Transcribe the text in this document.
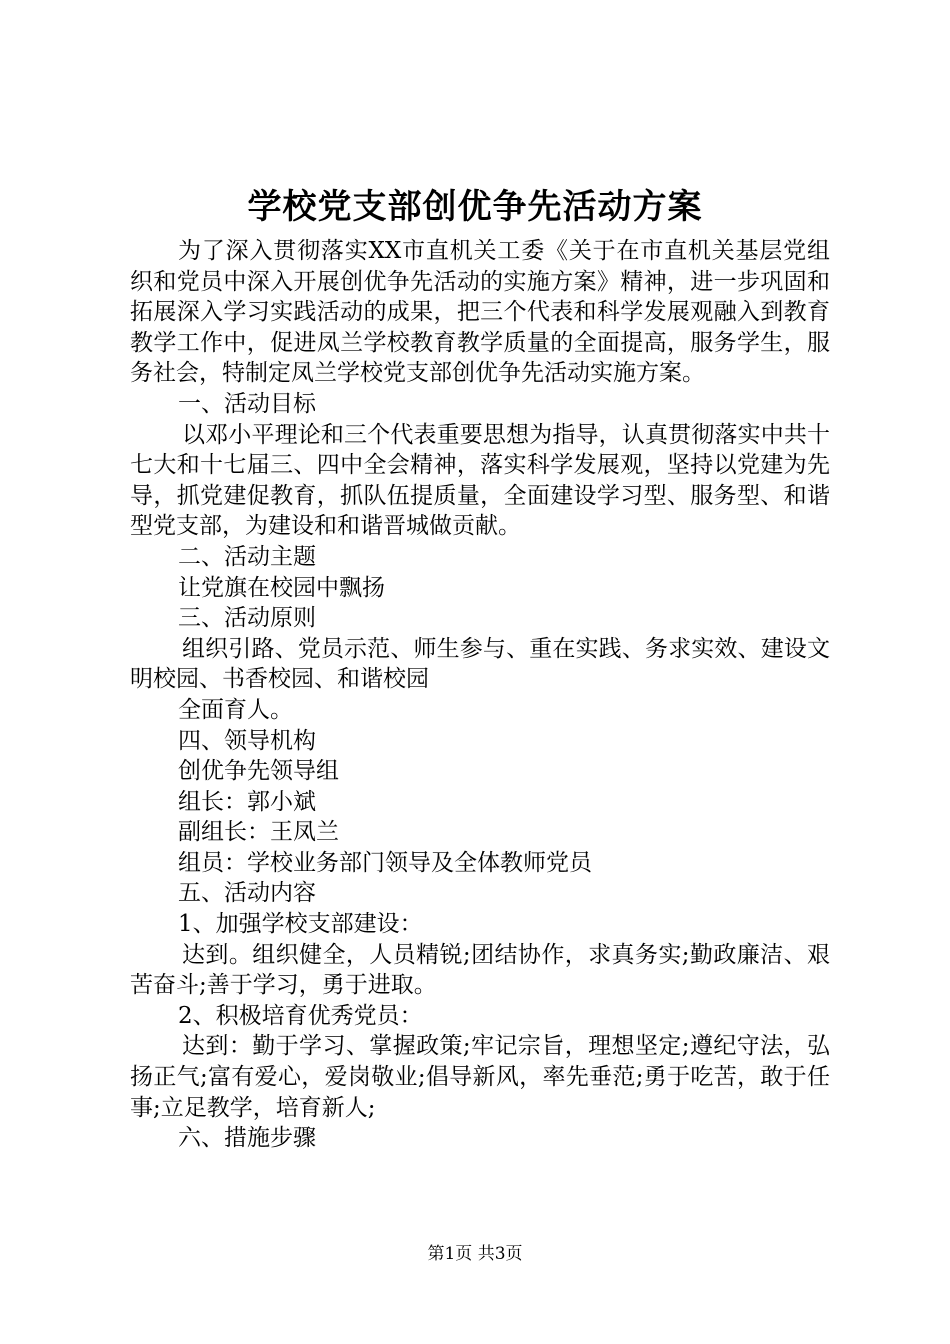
学校党支部创优争先活动方案

为了深入贯彻落实XX市直机关工委《关于在市直机关基层党组织和党员中深入开展创优争先活动的实施方案》精神，进一步巩固和拓展深入学习实践活动的成果，把三个代表和科学发展观融入到教育教学工作中，促进凤兰学校教育教学质量的全面提高，服务学生，服务社会，特制定凤兰学校党支部创优争先活动实施方案。

一、活动目标

以邓小平理论和三个代表重要思想为指导，认真贯彻落实中共十七大和十七届三、四中全会精神，落实科学发展观，坚持以党建为先导，抓党建促教育，抓队伍提质量，全面建设学习型、服务型、和谐型党支部，为建设和和谐晋城做贡献。

二、活动主题

让党旗在校园中飘扬

三、活动原则

组织引路、党员示范、师生参与、重在实践、务求实效、建设文明校园、书香校园、和谐校园

全面育人。

四、领导机构

创优争先领导组

组长：郭小斌

副组长：王凤兰

组员：学校业务部门领导及全体教师党员

五、活动内容

1、加强学校支部建设：

达到。组织健全，人员精锐;团结协作，求真务实;勤政廉洁、艰苦奋斗;善于学习，勇于进取。

2、积极培育优秀党员：

达到：勤于学习、掌握政策;牢记宗旨，理想坚定;遵纪守法，弘扬正气;富有爱心，爱岗敬业;倡导新风，率先垂范;勇于吃苦，敢于任事;立足教学，培育新人;

六、措施步骤

第1页 共3页
